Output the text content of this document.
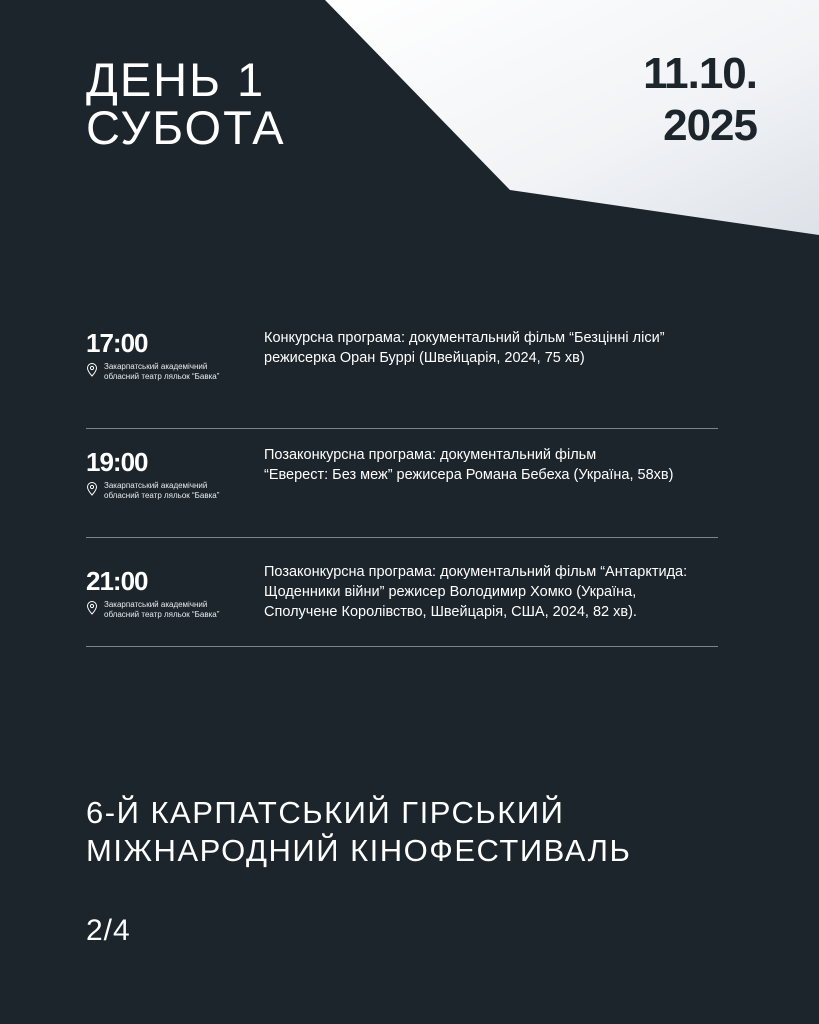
ДЕНЬ 1
СУБОТА
11.10.
2025
17:00
Закарпатський академічний
обласний театр ляльок “Бавка”
Конкурсна програма: документальний фільм “Безцінні ліси”
режисерка Оран Буррі (Швейцарія, 2024, 75 хв)
19:00
Закарпатський академічний
обласний театр ляльок “Бавка”
Позаконкурсна програма: документальний фільм
“Еверест: Без меж” режисера Романа Бебеха (Україна, 58хв)
21:00
Закарпатський академічний
обласний театр ляльок “Бавка”
Позаконкурсна програма: документальний фільм “Антарктида:
Щоденники війни” режисер Володимир Хомко (Україна,
Сполучене Королівство, Швейцарія, США, 2024, 82 хв).
6-Й КАРПАТСЬКИЙ ГІРСЬКИЙ
МІЖНАРОДНИЙ КІНОФЕСТИВАЛЬ
2/4
